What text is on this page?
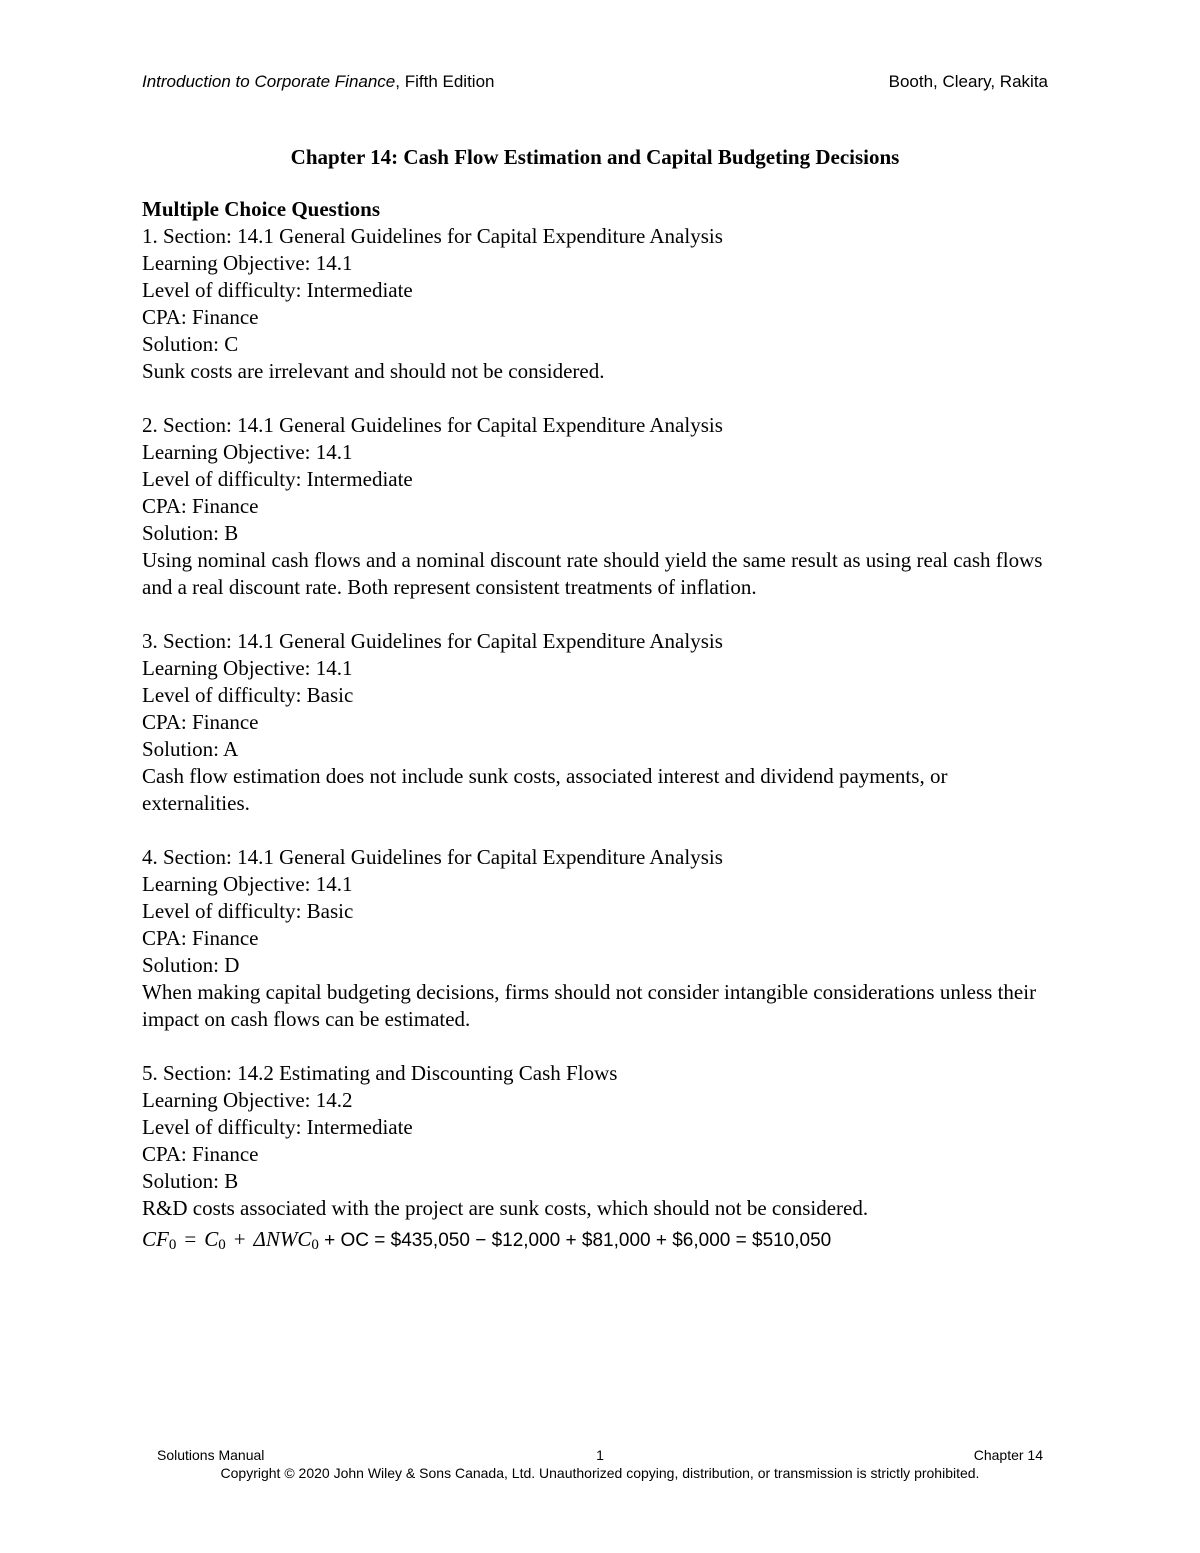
Introduction to Corporate Finance, Fifth Edition	Booth, Cleary, Rakita
Chapter 14: Cash Flow Estimation and Capital Budgeting Decisions

Multiple Choice Questions

1. Section: 14.1 General Guidelines for Capital Expenditure Analysis
Learning Objective: 14.1
Level of difficulty: Intermediate
CPA: Finance
Solution: C
Sunk costs are irrelevant and should not be considered.
2. Section: 14.1 General Guidelines for Capital Expenditure Analysis
Learning Objective: 14.1
Level of difficulty: Intermediate
CPA: Finance
Solution: B
Using nominal cash flows and a nominal discount rate should yield the same result as using real cash flows and a real discount rate. Both represent consistent treatments of inflation.
3. Section: 14.1 General Guidelines for Capital Expenditure Analysis
Learning Objective: 14.1
Level of difficulty: Basic
CPA: Finance
Solution: A
Cash flow estimation does not include sunk costs, associated interest and dividend payments, or externalities.
4. Section: 14.1 General Guidelines for Capital Expenditure Analysis
Learning Objective: 14.1
Level of difficulty: Basic
CPA: Finance
Solution: D
When making capital budgeting decisions, firms should not consider intangible considerations unless their impact on cash flows can be estimated.
5. Section: 14.2 Estimating and Discounting Cash Flows
Learning Objective: 14.2
Level of difficulty: Intermediate
CPA: Finance
Solution: B
R&D costs associated with the project are sunk costs, which should not be considered.
$CF_0 = C_0 + \Delta NWC_0$ + OC = $435,050 − $12,000 + $81,000 + $6,000 = $510,050
1
Solutions Manual	Chapter 14
Copyright © 2020 John Wiley & Sons Canada, Ltd. Unauthorized copying, distribution, or transmission is strictly prohibited.
